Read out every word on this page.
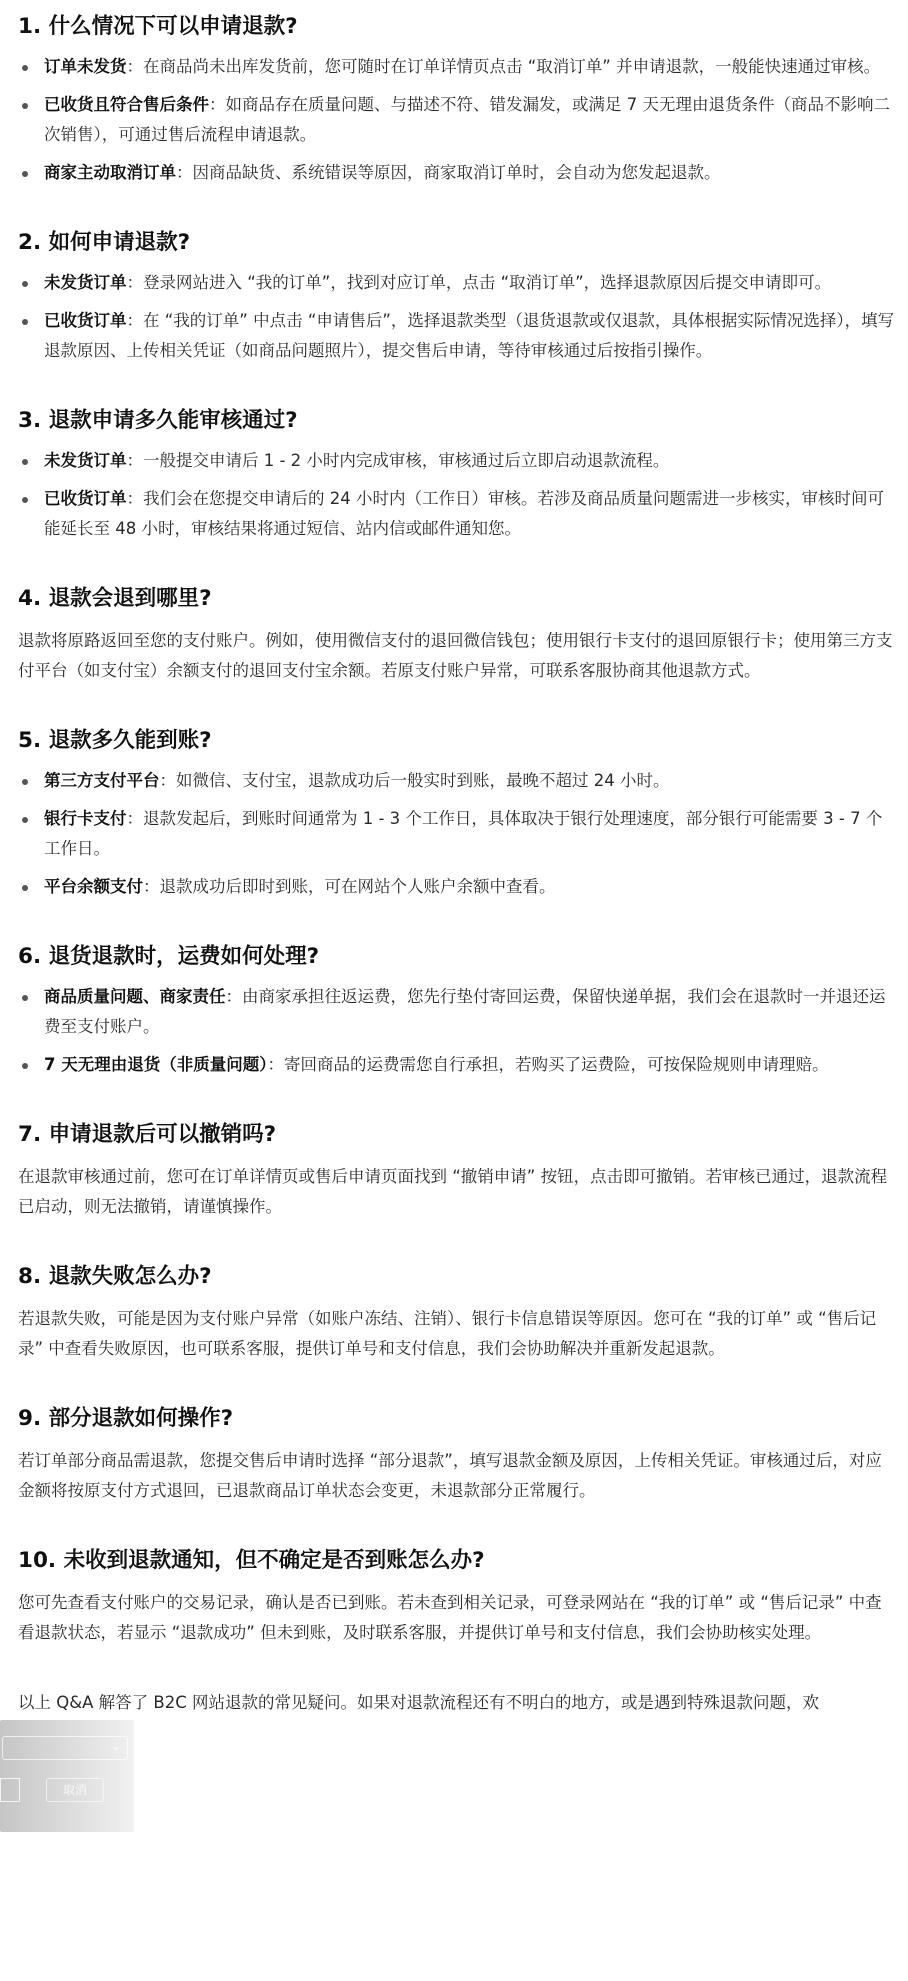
1. 什么情况下可以申请退款?
订单未发货：在商品尚未出库发货前，您可随时在订单详情页点击 “取消订单” 并申请退款，一般能快速通过审核。
已收货且符合售后条件：如商品存在质量问题、与描述不符、错发漏发，或满足 7 天无理由退货条件（商品不影响二次销售），可通过售后流程申请退款。
商家主动取消订单：因商品缺货、系统错误等原因，商家取消订单时，会自动为您发起退款。
2. 如何申请退款?
未发货订单：登录网站进入 “我的订单”，找到对应订单，点击 “取消订单”，选择退款原因后提交申请即可。
已收货订单：在 “我的订单” 中点击 “申请售后”，选择退款类型（退货退款或仅退款，具体根据实际情况选择），填写退款原因、上传相关凭证（如商品问题照片），提交售后申请，等待审核通过后按指引操作。
3. 退款申请多久能审核通过?
未发货订单：一般提交申请后 1 - 2 小时内完成审核，审核通过后立即启动退款流程。
已收货订单：我们会在您提交申请后的 24 小时内（工作日）审核。若涉及商品质量问题需进一步核实，审核时间可能延长至 48 小时，审核结果将通过短信、站内信或邮件通知您。
4. 退款会退到哪里?

退款将原路返回至您的支付账户。例如，使用微信支付的退回微信钱包；使用银行卡支付的退回原银行卡；使用第三方支付平台（如支付宝）余额支付的退回支付宝余额。若原支付账户异常，可联系客服协商其他退款方式。

5. 退款多久能到账?
第三方支付平台：如微信、支付宝，退款成功后一般实时到账，最晚不超过 24 小时。
银行卡支付：退款发起后，到账时间通常为 1 - 3 个工作日，具体取决于银行处理速度，部分银行可能需要 3 - 7 个工作日。
平台余额支付：退款成功后即时到账，可在网站个人账户余额中查看。
6. 退货退款时，运费如何处理?
商品质量问题、商家责任：由商家承担往返运费，您先行垫付寄回运费，保留快递单据，我们会在退款时一并退还运费至支付账户。
7 天无理由退货（非质量问题）：寄回商品的运费需您自行承担，若购买了运费险，可按保险规则申请理赔。
7. 申请退款后可以撤销吗?

在退款审核通过前，您可在订单详情页或售后申请页面找到 “撤销申请” 按钮，点击即可撤销。若审核已通过，退款流程已启动，则无法撤销，请谨慎操作。

8. 退款失败怎么办?

若退款失败，可能是因为支付账户异常（如账户冻结、注销）、银行卡信息错误等原因。您可在 “我的订单” 或 “售后记录” 中查看失败原因，也可联系客服，提供订单号和支付信息，我们会协助解决并重新发起退款。

9. 部分退款如何操作?

若订单部分商品需退款，您提交售后申请时选择 “部分退款”，填写退款金额及原因，上传相关凭证。审核通过后，对应金额将按原支付方式退回，已退款商品订单状态会变更，未退款部分正常履行。

10. 未收到退款通知，但不确定是否到账怎么办?

您可先查看支付账户的交易记录，确认是否已到账。若未查到相关记录，可登录网站在 “我的订单” 或 “售后记录” 中查看退款状态，若显示 “退款成功” 但未到账，及时联系客服，并提供订单号和支付信息，我们会协助核实处理。

以上 Q&A 解答了 B2C 网站退款的常见疑问。如果对退款流程还有不明白的地方，或是遇到特殊退款问题，欢

⌄
取消
